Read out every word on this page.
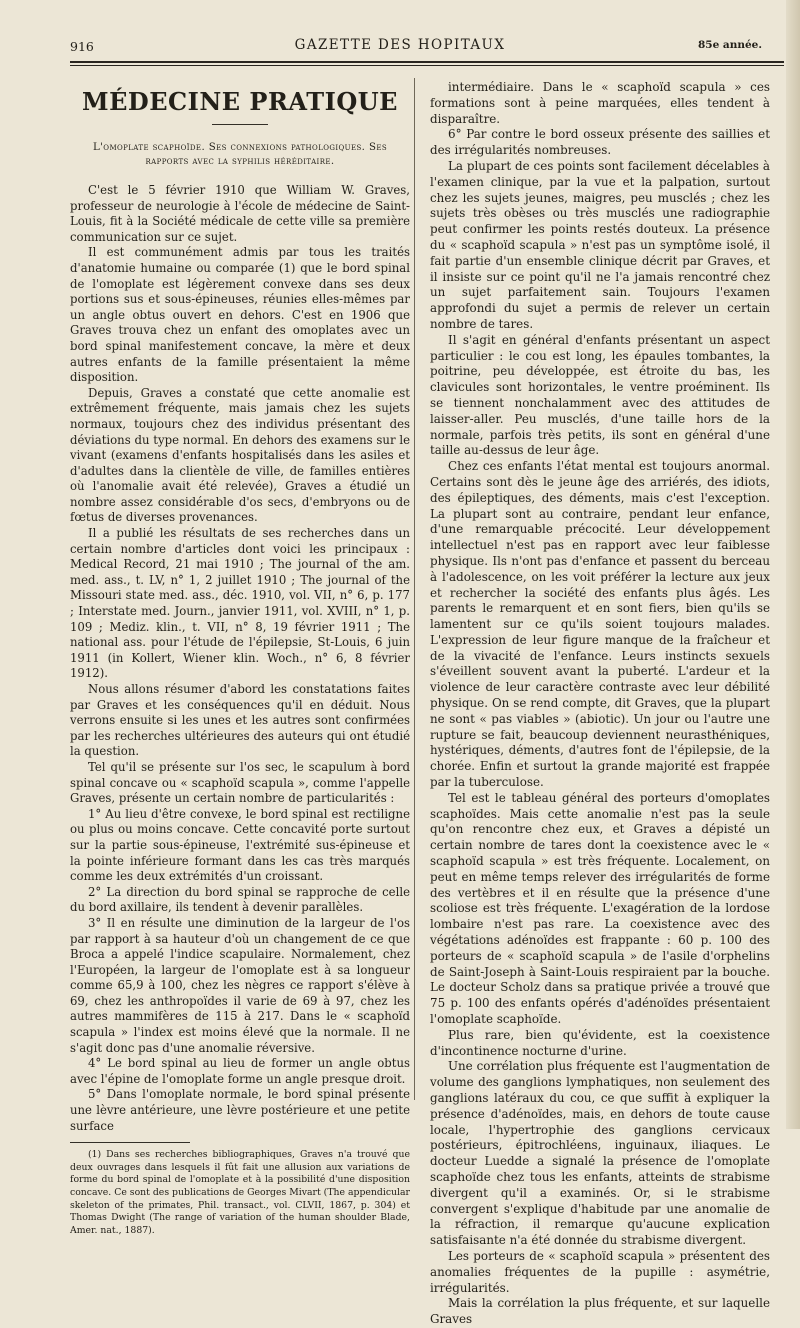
916	GAZETTE DES HOPITAUX	85e année.
MÉDECINE PRATIQUE
L'omoplate scaphoïde. Ses connexions pathologiques. Ses rapports avec la syphilis héréditaire.

C'est le 5 février 1910 que William W. Graves, professeur de neurologie à l'école de médecine de Saint-Louis, fit à la Société médicale de cette ville sa première communication sur ce sujet.

Il est communément admis par tous les traités d'anatomie humaine ou comparée (1) que le bord spinal de l'omoplate est légèrement convexe dans ses deux portions sus et sous-épineuses, réunies elles-mêmes par un angle obtus ouvert en dehors. C'est en 1906 que Graves trouva chez un enfant des omoplates avec un bord spinal manifestement concave, la mère et deux autres enfants de la famille présentaient la même disposition.

Depuis, Graves a constaté que cette anomalie est extrêmement fréquente, mais jamais chez les sujets normaux, toujours chez des individus présentant des déviations du type normal. En dehors des examens sur le vivant (examens d'enfants hospitalisés dans les asiles et d'adultes dans la clientèle de ville, de familles entières où l'anomalie avait été relevée), Graves a étudié un nombre assez considérable d'os secs, d'embryons ou de fœtus de diverses provenances.

Il a publié les résultats de ses recherches dans un certain nombre d'articles dont voici les principaux : Medical Record, 21 mai 1910 ; The journal of the am. med. ass., t. LV, n° 1, 2 juillet 1910 ; The journal of the Missouri state med. ass., déc. 1910, vol. VII, n° 6, p. 177 ; Interstate med. Journ., janvier 1911, vol. XVIII, n° 1, p. 109 ; Mediz. klin., t. VII, n° 8, 19 février 1911 ; The national ass. pour l'étude de l'épilepsie, St-Louis, 6 juin 1911 (in Kollert, Wiener klin. Woch., n° 6, 8 février 1912).

Nous allons résumer d'abord les constatations faites par Graves et les conséquences qu'il en déduit. Nous verrons ensuite si les unes et les autres sont confirmées par les recherches ultérieures des auteurs qui ont étudié la question.

Tel qu'il se présente sur l'os sec, le scapulum à bord spinal concave ou « scaphoïd scapula », comme l'appelle Graves, présente un certain nombre de particularités :

1° Au lieu d'être convexe, le bord spinal est rectiligne ou plus ou moins concave. Cette concavité porte surtout sur la partie sous-épineuse, l'extrémité sus-épineuse et la pointe inférieure formant dans les cas très marqués comme les deux extrémités d'un croissant.

2° La direction du bord spinal se rapproche de celle du bord axillaire, ils tendent à devenir parallèles.

3° Il en résulte une diminution de la largeur de l'os par rapport à sa hauteur d'où un changement de ce que Broca a appelé l'indice scapulaire. Normalement, chez l'Européen, la largeur de l'omoplate est à sa longueur comme 65,9 à 100, chez les nègres ce rapport s'élève à 69, chez les anthropoïdes il varie de 69 à 97, chez les autres mammifères de 115 à 217. Dans le « scaphoïd scapula » l'index est moins élevé que la normale. Il ne s'agit donc pas d'une anomalie réversive.

4° Le bord spinal au lieu de former un angle obtus avec l'épine de l'omoplate forme un angle presque droit.

5° Dans l'omoplate normale, le bord spinal présente une lèvre antérieure, une lèvre postérieure et une petite surface

(1) Dans ses recherches bibliographiques, Graves n'a trouvé que deux ouvrages dans lesquels il fût fait une allusion aux variations de forme du bord spinal de l'omoplate et à la possibilité d'une disposition concave. Ce sont des publications de Georges Mivart (The appendicular skeleton of the primates, Phil. transact., vol. CLVII, 1867, p. 304) et Thomas Dwight (The range of variation of the human shoulder Blade, Amer. nat., 1887).

intermédiaire. Dans le « scaphoïd scapula » ces formations sont à peine marquées, elles tendent à disparaître.

6° Par contre le bord osseux présente des saillies et des irrégularités nombreuses.

La plupart de ces points sont facilement décelables à l'examen clinique, par la vue et la palpation, surtout chez les sujets jeunes, maigres, peu musclés ; chez les sujets très obèses ou très musclés une radiographie peut confirmer les points restés douteux. La présence du « scaphoïd scapula » n'est pas un symptôme isolé, il fait partie d'un ensemble clinique décrit par Graves, et il insiste sur ce point qu'il ne l'a jamais rencontré chez un sujet parfaitement sain. Toujours l'examen approfondi du sujet a permis de relever un certain nombre de tares.

Il s'agit en général d'enfants présentant un aspect particulier : le cou est long, les épaules tombantes, la poitrine, peu développée, est étroite du bas, les clavicules sont horizontales, le ventre proéminent. Ils se tiennent nonchalamment avec des attitudes de laisser-aller. Peu musclés, d'une taille hors de la normale, parfois très petits, ils sont en général d'une taille au-dessus de leur âge.

Chez ces enfants l'état mental est toujours anormal. Certains sont dès le jeune âge des arriérés, des idiots, des épileptiques, des déments, mais c'est l'exception. La plupart sont au contraire, pendant leur enfance, d'une remarquable précocité. Leur développement intellectuel n'est pas en rapport avec leur faiblesse physique. Ils n'ont pas d'enfance et passent du berceau à l'adolescence, on les voit préférer la lecture aux jeux et rechercher la société des enfants plus âgés. Les parents le remarquent et en sont fiers, bien qu'ils se lamentent sur ce qu'ils soient toujours malades. L'expression de leur figure manque de la fraîcheur et de la vivacité de l'enfance. Leurs instincts sexuels s'éveillent souvent avant la puberté. L'ardeur et la violence de leur caractère contraste avec leur débilité physique. On se rend compte, dit Graves, que la plupart ne sont « pas viables » (abiotic). Un jour ou l'autre une rupture se fait, beaucoup deviennent neurasthéniques, hystériques, déments, d'autres font de l'épilepsie, de la chorée. Enfin et surtout la grande majorité est frappée par la tuberculose.

Tel est le tableau général des porteurs d'omoplates scaphoïdes. Mais cette anomalie n'est pas la seule qu'on rencontre chez eux, et Graves a dépisté un certain nombre de tares dont la coexistence avec le « scaphoïd scapula » est très fréquente. Localement, on peut en même temps relever des irrégularités de forme des vertèbres et il en résulte que la présence d'une scoliose est très fréquente. L'exagération de la lordose lombaire n'est pas rare. La coexistence avec des végétations adénoïdes est frappante : 60 p. 100 des porteurs de « scaphoïd scapula » de l'asile d'orphelins de Saint-Joseph à Saint-Louis respiraient par la bouche. Le docteur Scholz dans sa pratique privée a trouvé que 75 p. 100 des enfants opérés d'adénoïdes présentaient l'omoplate scaphoïde.

Plus rare, bien qu'évidente, est la coexistence d'incontinence nocturne d'urine.

Une corrélation plus fréquente est l'augmentation de volume des ganglions lymphatiques, non seulement des ganglions latéraux du cou, ce que suffit à expliquer la présence d'adénoïdes, mais, en dehors de toute cause locale, l'hypertrophie des ganglions cervicaux postérieurs, épitrochléens, inguinaux, iliaques. Le docteur Luedde a signalé la présence de l'omoplate scaphoïde chez tous les enfants, atteints de strabisme divergent qu'il a examinés. Or, si le strabisme convergent s'explique d'habitude par une anomalie de la réfraction, il remarque qu'aucune explication satisfaisante n'a été donnée du strabisme divergent.

Les porteurs de « scaphoïd scapula » présentent des anomalies fréquentes de la pupille : asymétrie, irrégularités.

Mais la corrélation la plus fréquente, et sur laquelle Graves
